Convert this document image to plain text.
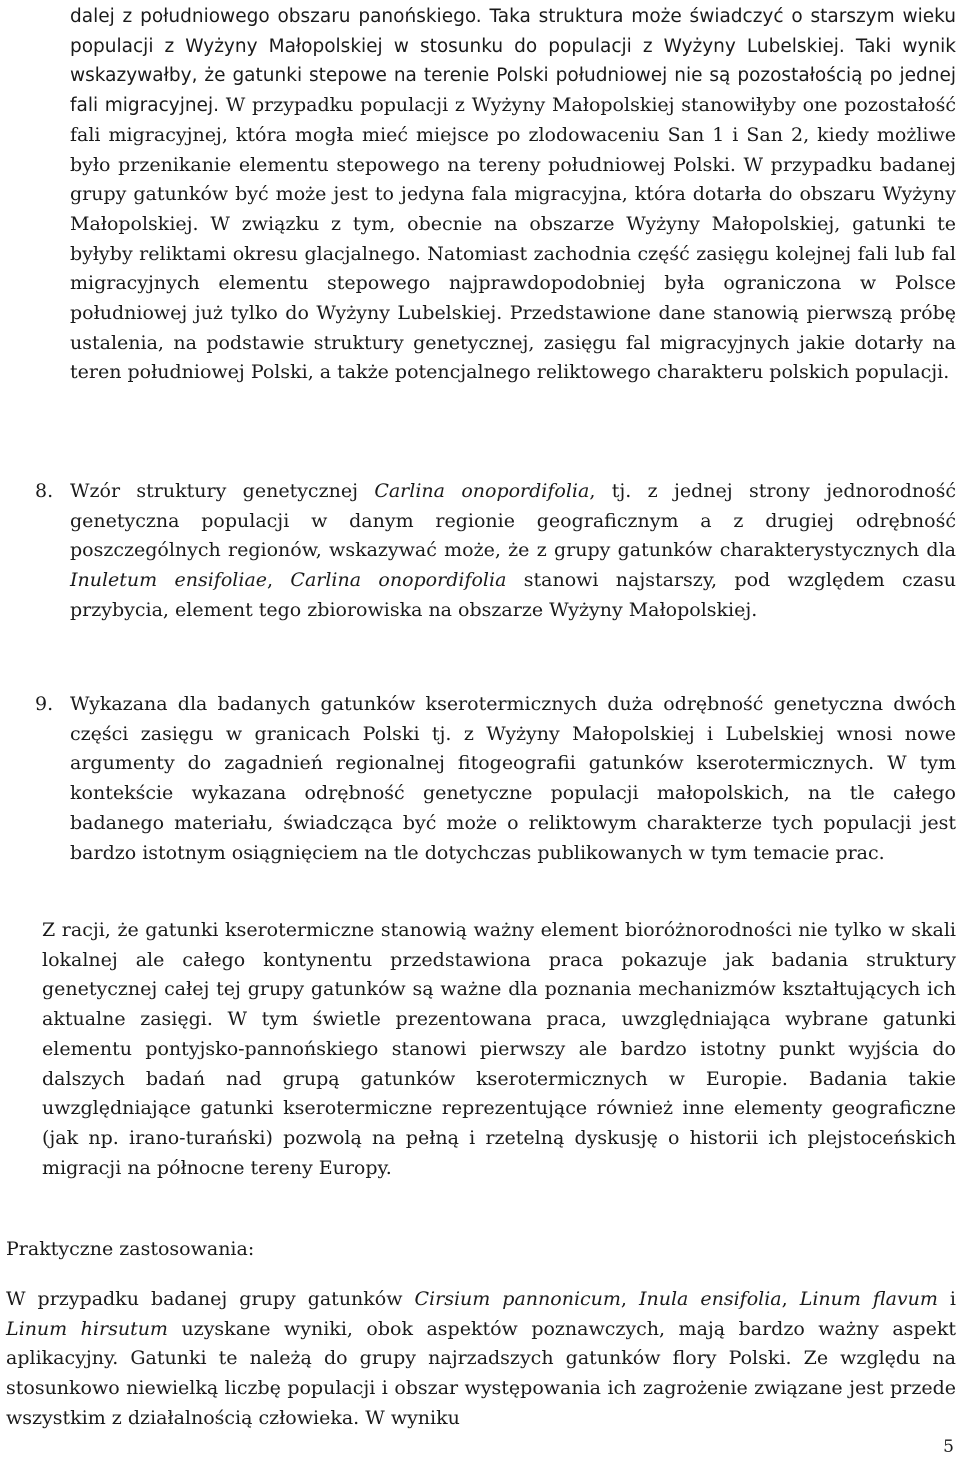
dalej z południowego obszaru panońskiego. Taka struktura może świadczyć o starszym wieku populacji z Wyżyny Małopolskiej w stosunku do populacji z Wyżyny Lubelskiej. Taki wynik wskazywałby, że gatunki stepowe na terenie Polski południowej nie są pozostałością po jednej fali migracyjnej. W przypadku populacji z Wyżyny Małopolskiej stanowiłyby one pozostałość fali migracyjnej, która mogła mieć miejsce po zlodowaceniu San 1 i San 2, kiedy możliwe było przenikanie elementu stepowego na tereny południowej Polski. W przypadku badanej grupy gatunków być może jest to jedyna fala migracyjna, która dotarła do obszaru Wyżyny Małopolskiej. W związku z tym, obecnie na obszarze Wyżyny Małopolskiej, gatunki te byłyby reliktami okresu glacjalnego. Natomiast zachodnia część zasięgu kolejnej fali lub fal migracyjnych elementu stepowego najprawdopodobniej była ograniczona w Polsce południowej już tylko do Wyżyny Lubelskiej. Przedstawione dane stanowią pierwszą próbę ustalenia, na podstawie struktury genetycznej, zasięgu fal migracyjnych jakie dotarły na teren południowej Polski, a także potencjalnego reliktowego charakteru polskich populacji.

8. Wzór struktury genetycznej Carlina onopordifolia, tj. z jednej strony jednorodność genetyczna populacji w danym regionie geograficznym a z drugiej odrębność poszczególnych regionów, wskazywać może, że z grupy gatunków charakterystycznych dla Inuletum ensifoliae, Carlina onopordifolia stanowi najstarszy, pod względem czasu przybycia, element tego zbiorowiska na obszarze Wyżyny Małopolskiej.

9. Wykazana dla badanych gatunków kserotermicznych duża odrębność genetyczna dwóch części zasięgu w granicach Polski tj. z Wyżyny Małopolskiej i Lubelskiej wnosi nowe argumenty do zagadnień regionalnej fitogeografii gatunków kserotermicznych. W tym kontekście wykazana odrębność genetyczne populacji małopolskich, na tle całego badanego materiału, świadcząca być może o reliktowym charakterze tych populacji jest bardzo istotnym osiągnięciem na tle dotychczas publikowanych w tym temacie prac.

Z racji, że gatunki kserotermiczne stanowią ważny element bioróżnorodności nie tylko w skali lokalnej ale całego kontynentu przedstawiona praca pokazuje jak badania struktury genetycznej całej tej grupy gatunków są ważne dla poznania mechanizmów kształtujących ich aktualne zasięgi. W tym świetle prezentowana praca, uwzględniająca wybrane gatunki elementu pontyjsko-pannońskiego stanowi pierwszy ale bardzo istotny punkt wyjścia do dalszych badań nad grupą gatunków kserotermicznych w Europie. Badania takie uwzględniające gatunki kserotermiczne reprezentujące również inne elementy geograficzne (jak np. irano-turański) pozwolą na pełną i rzetelną dyskusję o historii ich plejstoceńskich migracji na północne tereny Europy.

Praktyczne zastosowania:

W przypadku badanej grupy gatunków Cirsium pannonicum, Inula ensifolia, Linum flavum i Linum hirsutum uzyskane wyniki, obok aspektów poznawczych, mają bardzo ważny aspekt aplikacyjny. Gatunki te należą do grupy najrzadszych gatunków flory Polski. Ze względu na stosunkowo niewielką liczbę populacji i obszar występowania ich zagrożenie związane jest przede wszystkim z działalnością człowieka. W wyniku

5
